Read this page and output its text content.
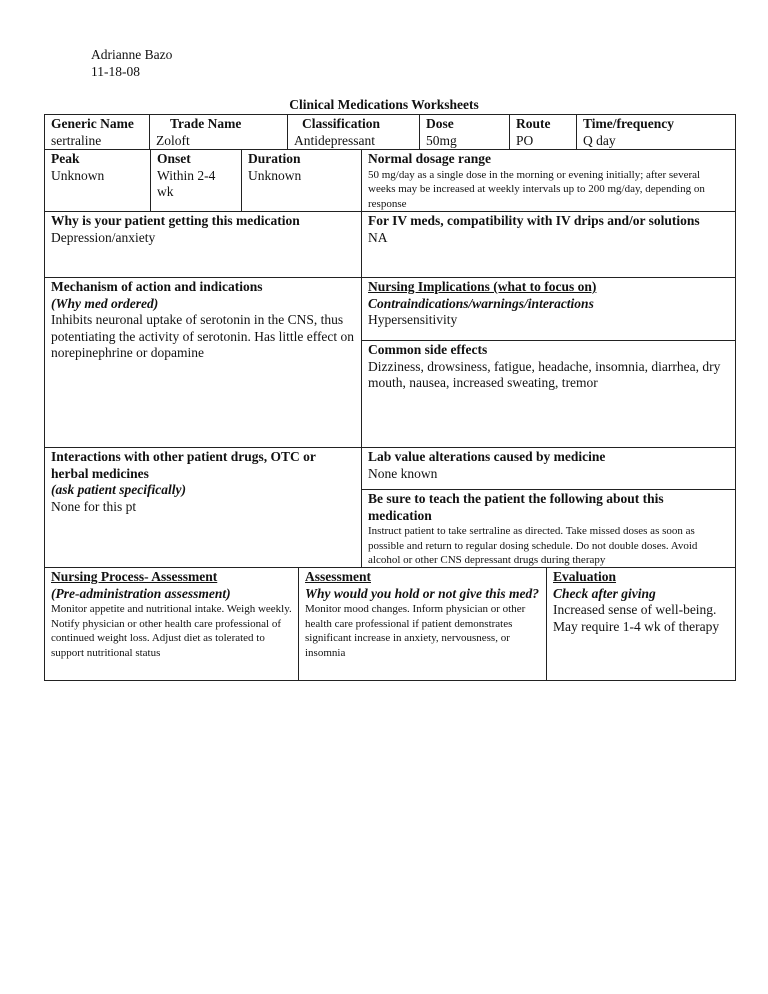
Adrianne Bazo
11-18-08
Clinical Medications Worksheets
Generic Name
sertraline
Trade Name
Zoloft
Classification
Antidepressant
Dose
50mg
Route
PO
Time/frequency
Q day
Peak
Unknown
Onset
Within 2-4 wk
Duration
Unknown
Normal dosage range
50 mg/day as a single dose in the morning or evening initially; after several weeks may be increased at weekly intervals up to 200 mg/day, depending on response
Why is your patient getting this medication
Depression/anxiety
For IV meds, compatibility with IV drips and/or solutions
NA
Mechanism of action and indications
(Why med ordered)
Inhibits neuronal uptake of serotonin in the CNS, thus potentiating the activity of serotonin. Has little effect on norepinephrine or dopamine
Nursing Implications (what to focus on)
Contraindications/warnings/interactions
Hypersensitivity
Common side effects
Dizziness, drowsiness, fatigue, headache, insomnia, diarrhea, dry mouth, nausea, increased sweating, tremor
Interactions with other patient drugs, OTC or herbal medicines
(ask patient specifically)
None for this pt
Lab value alterations caused by medicine
None known
Be sure to teach the patient the following about this medication
Instruct patient to take sertraline as directed. Take missed doses as soon as possible and return to regular dosing schedule. Do not double doses. Avoid alcohol or other CNS depressant drugs during therapy
Nursing Process- Assessment
(Pre-administration assessment)
Monitor appetite and nutritional intake. Weigh weekly. Notify physician or other health care professional of continued weight loss. Adjust diet as tolerated to support nutritional status
Assessment
Why would you hold or not give this med?
Monitor mood changes. Inform physician or other health care professional if patient demonstrates significant increase in anxiety, nervousness, or insomnia
Evaluation
Check after giving
Increased sense of well-being. May require 1-4 wk of therapy
